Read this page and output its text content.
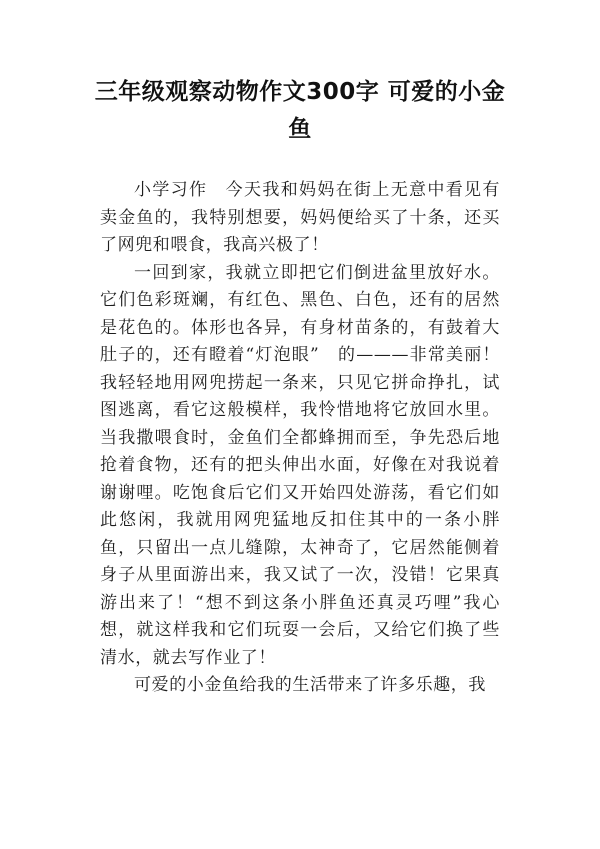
三年级观察动物作文300字 可爱的小金鱼

小学习作　今天我和妈妈在街上无意中看见有卖金鱼的，我特别想要，妈妈便给买了十条，还买了网兜和喂食，我高兴极了！

一回到家，我就立即把它们倒进盆里放好水。它们色彩斑斓，有红色、黑色、白色，还有的居然是花色的。体形也各异，有身材苗条的，有鼓着大肚子的，还有瞪着“灯泡眼”　的———非常美丽！我轻轻地用网兜捞起一条来，只见它拼命挣扎，试图逃离，看它这般模样，我怜惜地将它放回水里。当我撒喂食时，金鱼们全都蜂拥而至，争先恐后地抢着食物，还有的把头伸出水面，好像在对我说着谢谢哩。吃饱食后它们又开始四处游荡，看它们如此悠闲，我就用网兜猛地反扣住其中的一条小胖鱼，只留出一点儿缝隙，太神奇了，它居然能侧着身子从里面游出来，我又试了一次，没错！它果真游出来了！“想不到这条小胖鱼还真灵巧哩”我心想，就这样我和它们玩耍一会后，又给它们换了些清水，就去写作业了！

可爱的小金鱼给我的生活带来了许多乐趣，我
